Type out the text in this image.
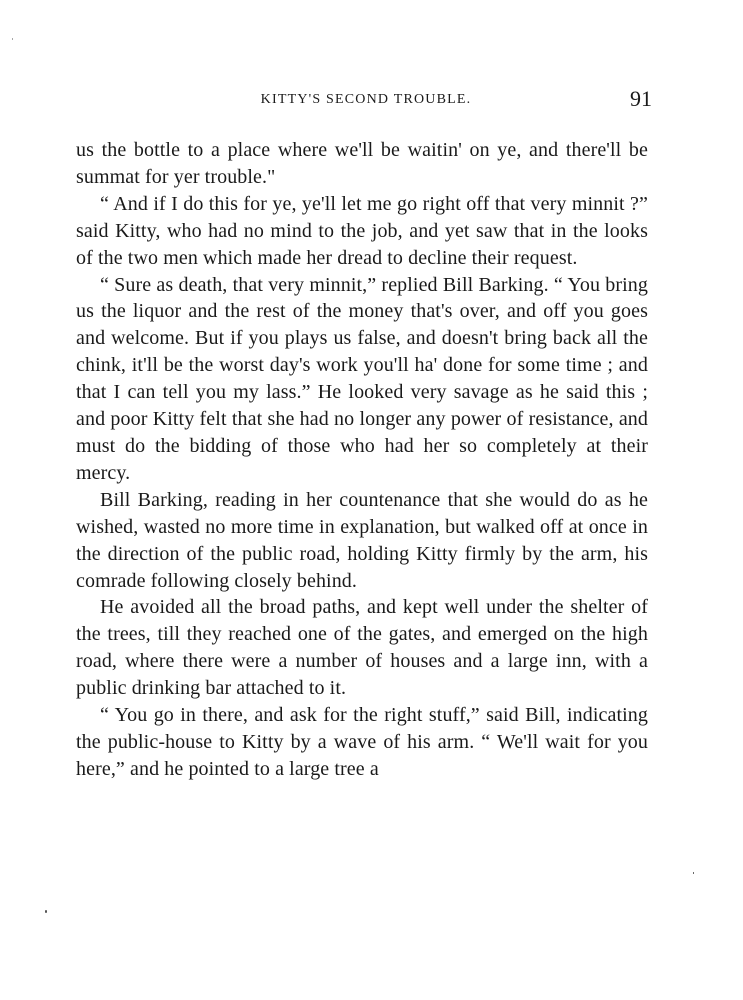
KITTY'S SECOND TROUBLE.	91

us the bottle to a place where we'll be waitin' on ye, and there'll be summat for yer trouble."

“ And if I do this for ye, ye'll let me go right off that very minnit ?” said Kitty, who had no mind to the job, and yet saw that in the looks of the two men which made her dread to decline their request.

“ Sure as death, that very minnit,” replied Bill Barking. “ You bring us the liquor and the rest of the money that's over, and off you goes and welcome. But if you plays us false, and doesn't bring back all the chink, it'll be the worst day's work you'll ha' done for some time ; and that I can tell you my lass.” He looked very savage as he said this ; and poor Kitty felt that she had no longer any power of resistance, and must do the bidding of those who had her so completely at their mercy.

Bill Barking, reading in her countenance that she would do as he wished, wasted no more time in explanation, but walked off at once in the direction of the public road, holding Kitty firmly by the arm, his comrade following closely behind.

He avoided all the broad paths, and kept well under the shelter of the trees, till they reached one of the gates, and emerged on the high road, where there were a number of houses and a large inn, with a public drinking bar attached to it.

“ You go in there, and ask for the right stuff,” said Bill, indicating the public-house to Kitty by a wave of his arm. “ We'll wait for you here,” and he pointed to a large tree a
